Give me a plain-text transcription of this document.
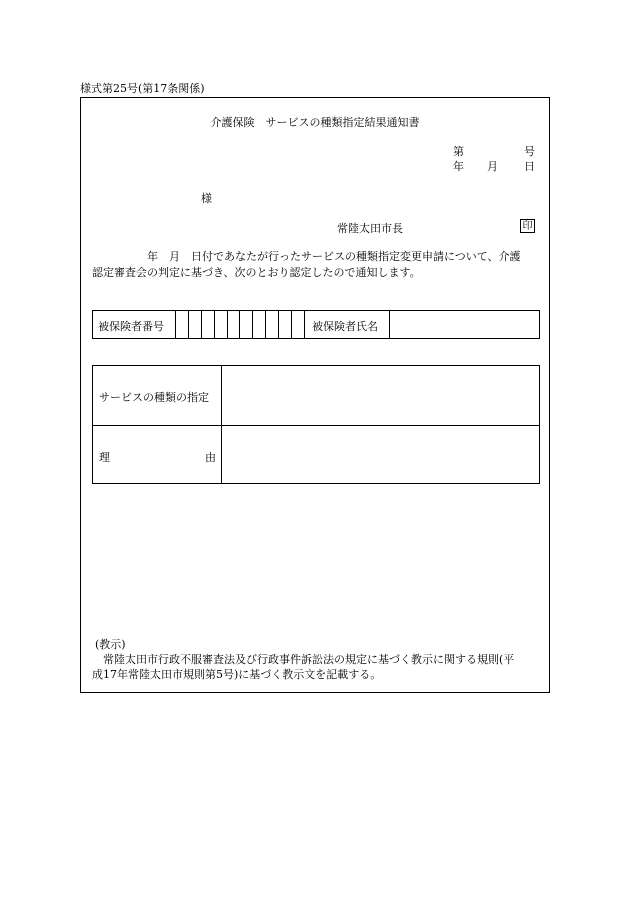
様式第25号(第17条関係)
介護保険　サービスの種類指定結果通知書
第	号
年 月 日
様
常陸太田市長	印
　　　　　年　月　日付であなたが行ったサービスの種類指定変更申請について、介護
認定審査会の判定に基づき、次のとおり認定したので通知します。
被保険者番号	被保険者氏名
サービスの種類の指定
理	由
(教示)
　常陸太田市行政不服審査法及び行政事件訴訟法の規定に基づく教示に関する規則(平
成17年常陸太田市規則第5号)に基づく教示文を記載する。
